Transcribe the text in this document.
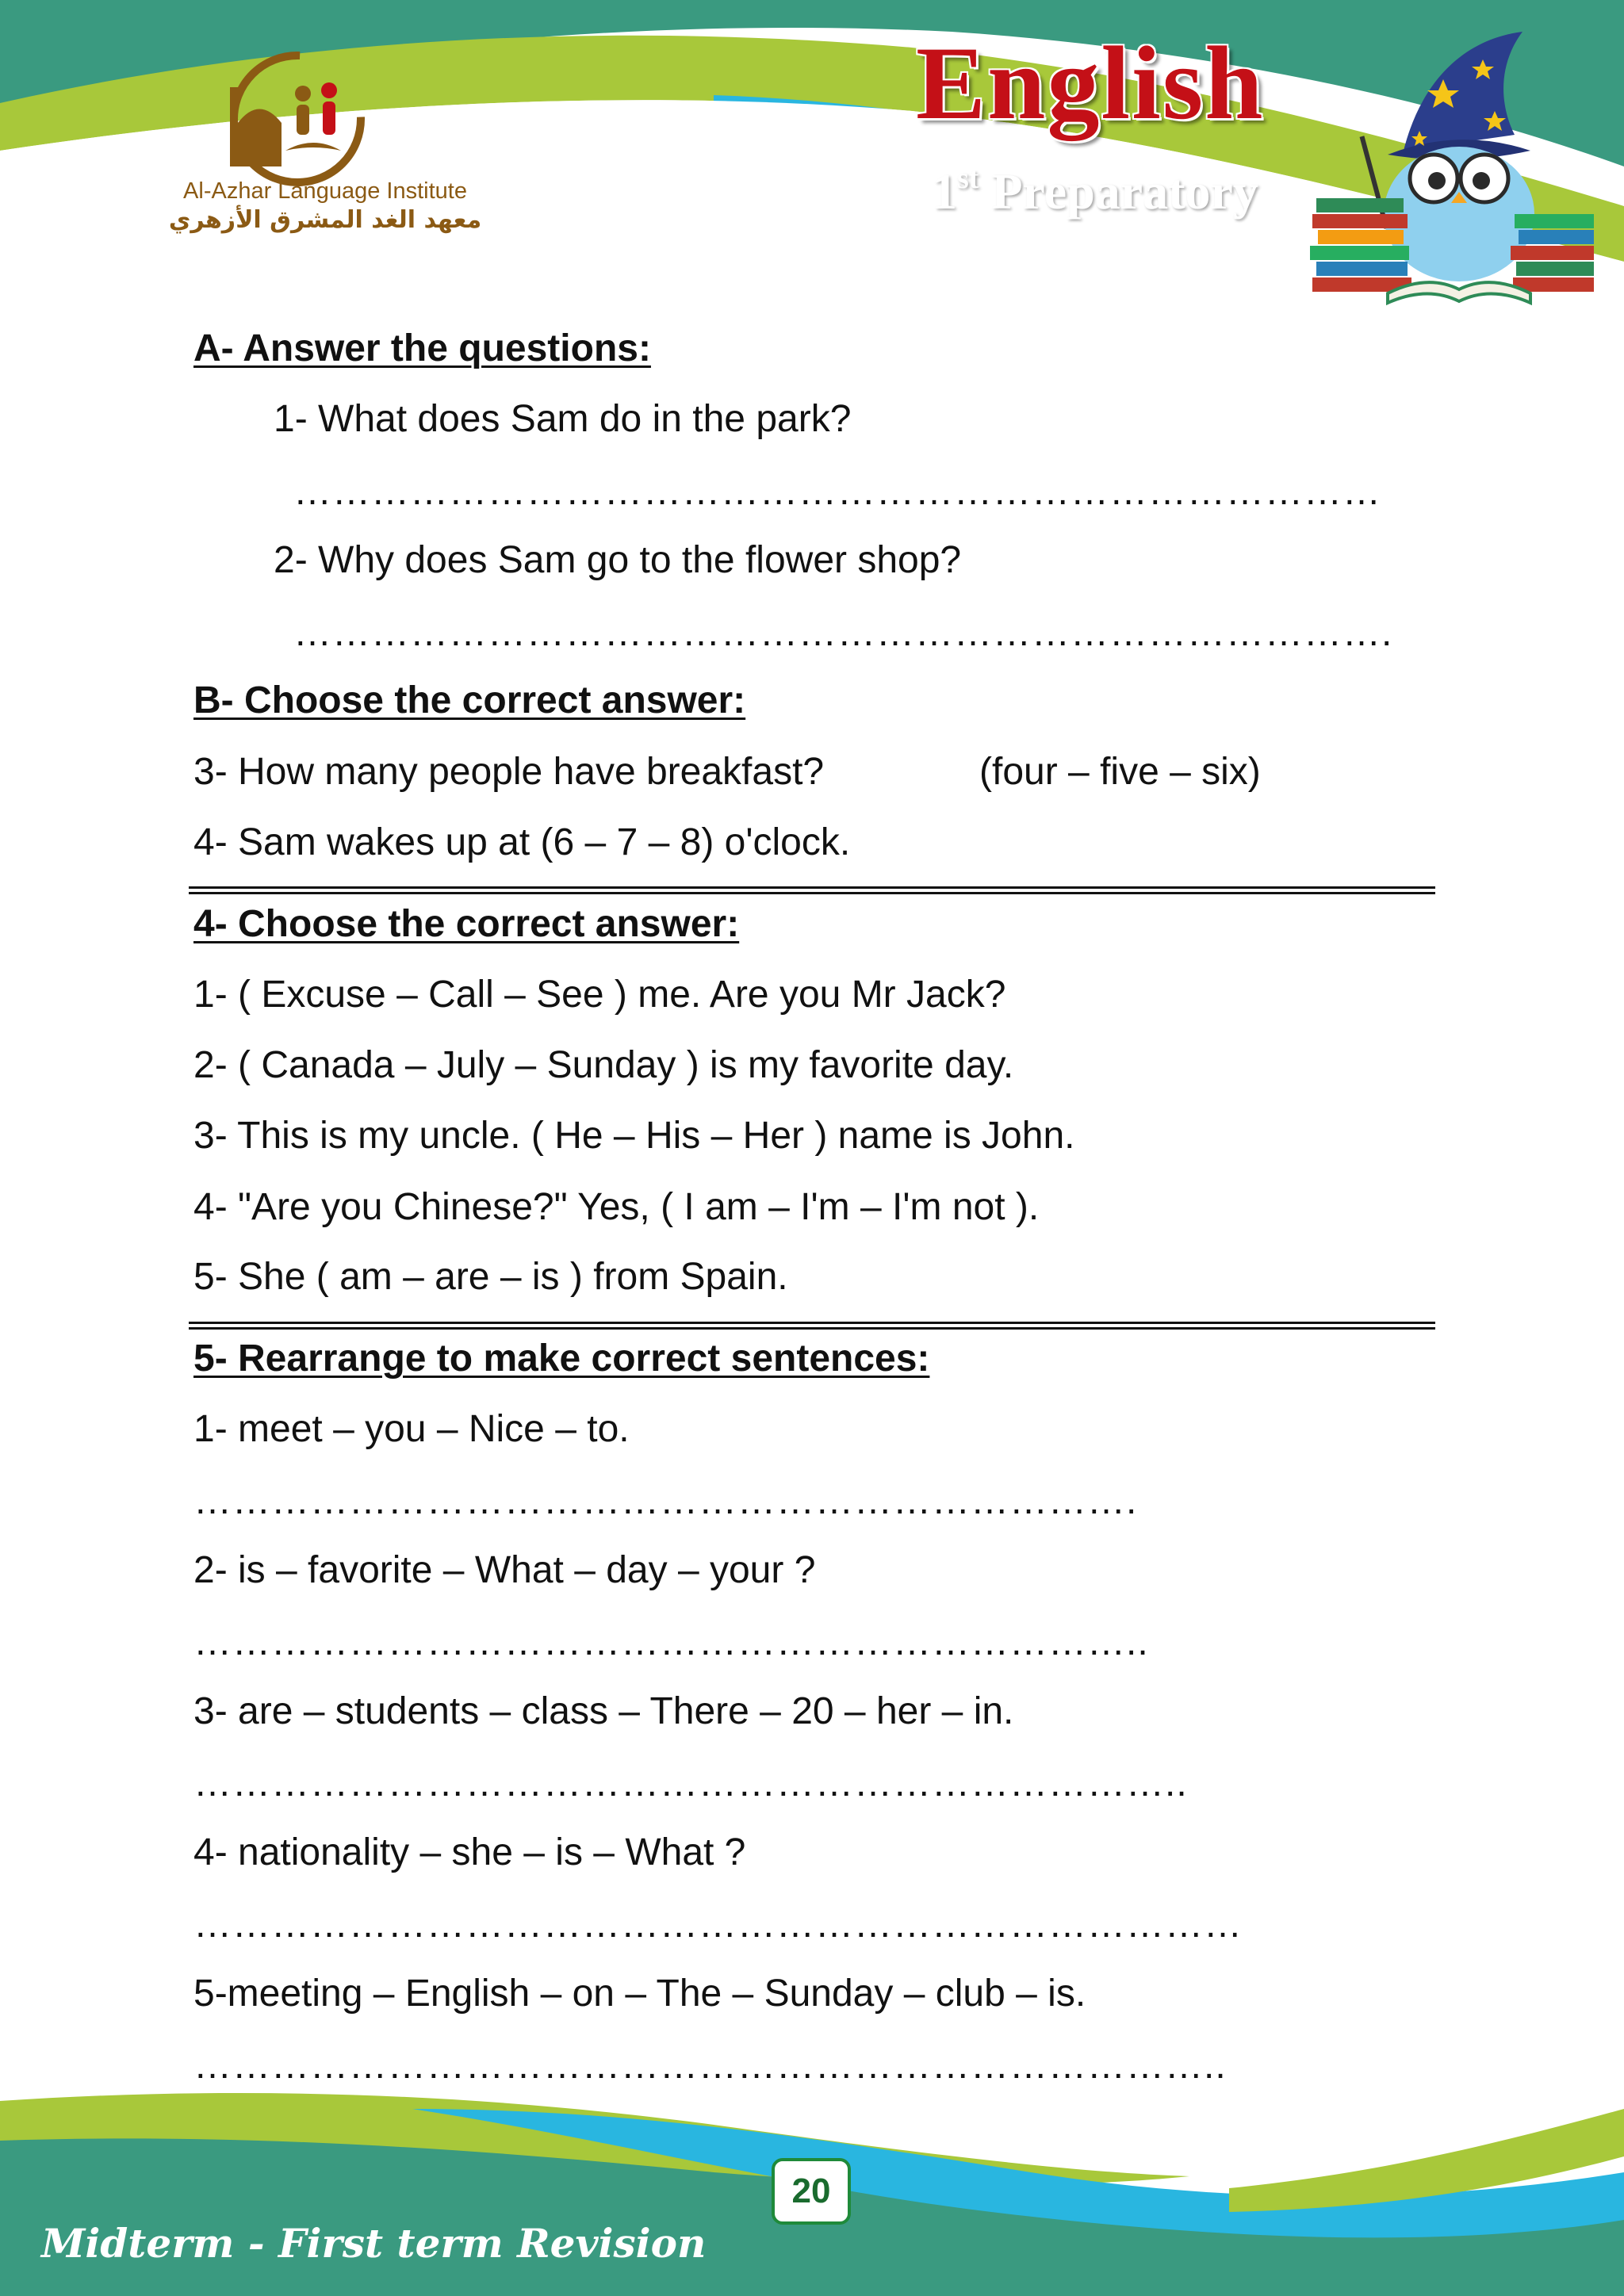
Al-Azhar Language Institute
معهد الغد المشرق الأزهري
English
1st Preparatory
A- Answer the questions:
1- What does Sam do in the park?
…………………………………………………………………………
2- Why does Sam go to the flower shop?
………………………………………………………………………….
B- Choose the correct answer:
3- How many people have breakfast?	(four – five – six)
4- Sam wakes up at (6 – 7 – 8) o'clock.
4- Choose the correct answer:
1- ( Excuse – Call – See ) me. Are you Mr Jack?
2- ( Canada – July – Sunday ) is my favorite day.
3- This is my uncle. ( He – His – Her ) name is John.
4- "Are you Chinese?" Yes, ( I am – I'm – I'm not ).
5- She ( am – are – is ) from Spain.
5- Rearrange to make correct sentences:
1- meet – you – Nice – to.
……………………………………………………………….
2- is – favorite – What – day – your ?
………………………………………………………………..
3- are – students – class – There – 20 – her – in.
…………………………………………………………………..
4- nationality – she – is – What ?
………………………………………………………………………
5-meeting – English – on – The – Sunday – club – is.
……………………………………………………………………..
20
Midterm - First term Revision
